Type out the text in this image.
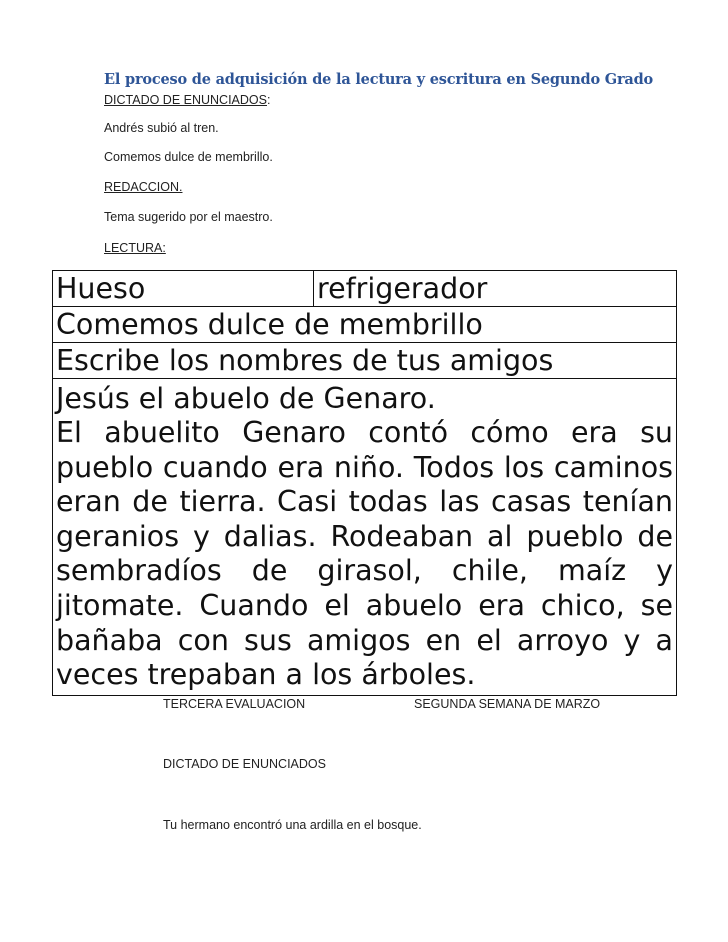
El proceso de adquisición de la lectura y escritura en Segundo Grado
DICTADO DE ENUNCIADOS:
Andrés subió al tren.
Comemos dulce de membrillo.
REDACCION.
Tema sugerido por el maestro.
LECTURA:
Hueso	refrigerador
Comemos dulce de membrillo
Escribe los nombres de tus amigos

Jesús el abuelo de Genaro.
El abuelito Genaro contó cómo era su pueblo cuando era niño. Todos los caminos eran de tierra. Casi todas las casas tenían geranios y dalias. Rodeaban al pueblo de sembradíos de girasol, chile, maíz y jitomate. Cuando el abuelo era chico, se bañaba con sus amigos en el arroyo y a veces trepaban a los árboles.
TERCERA EVALUACION	SEGUNDA SEMANA DE MARZO
DICTADO DE ENUNCIADOS
Tu hermano encontró una ardilla en el bosque.
